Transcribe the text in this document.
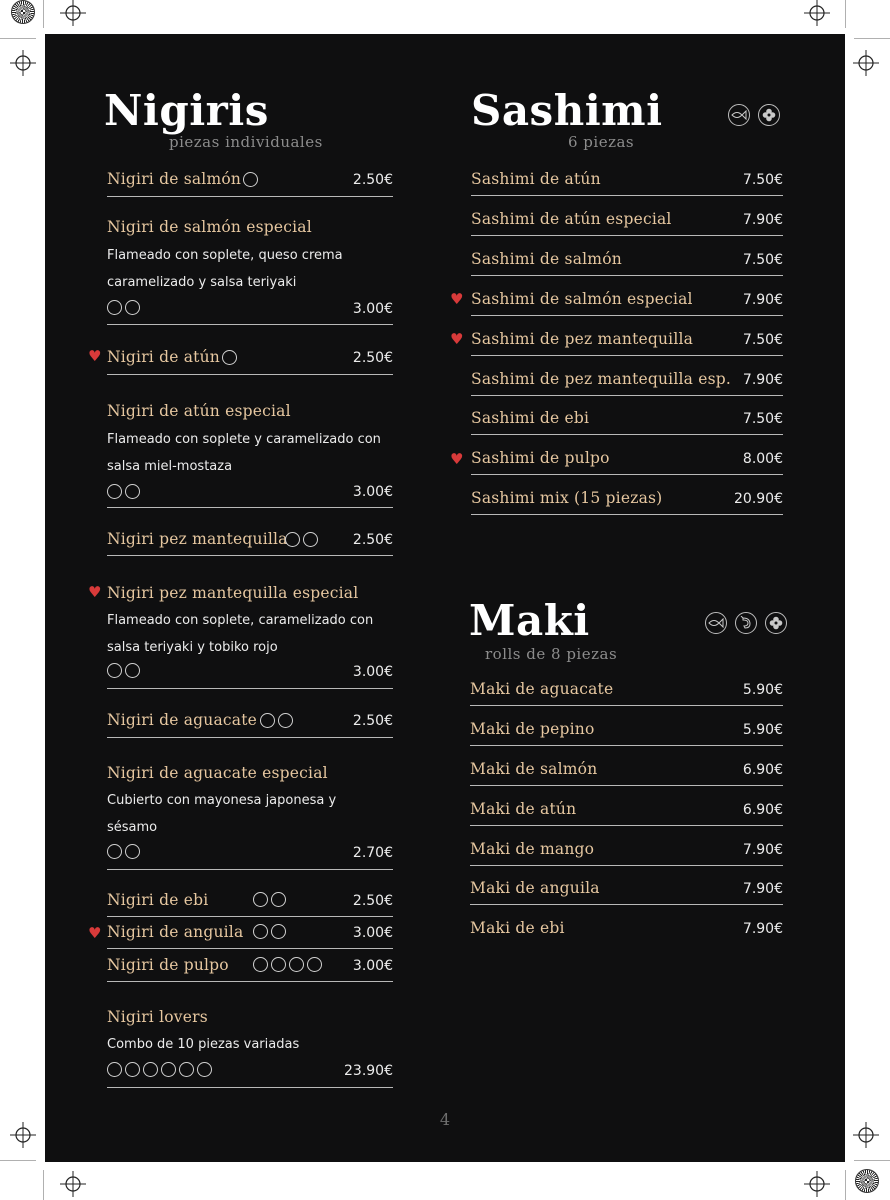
Nigiris
piezas individuales
Nigiri de salmón	2.50€
Nigiri de salmón especial
Flameado con soplete, queso crema
caramelizado y salsa teriyaki
3.00€
♥ Nigiri de atún	2.50€
Nigiri de atún especial
Flameado con soplete y caramelizado con
salsa miel-mostaza
3.00€
Nigiri pez mantequilla	2.50€
♥ Nigiri pez mantequilla especial
Flameado con soplete, caramelizado con
salsa teriyaki y tobiko rojo
3.00€
Nigiri de aguacate	2.50€
Nigiri de aguacate especial
Cubierto con mayonesa japonesa y
sésamo
2.70€
Nigiri de ebi	2.50€
♥ Nigiri de anguila	3.00€
Nigiri de pulpo	3.00€
Nigiri lovers
Combo de 10 piezas variadas
23.90€
Sashimi
6 piezas
Sashimi de atún	7.50€
Sashimi de atún especial	7.90€
Sashimi de salmón	7.50€
♥ Sashimi de salmón especial	7.90€
♥ Sashimi de pez mantequilla	7.50€
Sashimi de pez mantequilla esp. 7.90€
Sashimi de ebi	7.50€
♥ Sashimi de pulpo	8.00€
Sashimi mix (15 piezas)	20.90€
Maki
rolls de 8 piezas
Maki de aguacate	5.90€
Maki de pepino	5.90€
Maki de salmón	6.90€
Maki de atún	6.90€
Maki de mango	7.90€
Maki de anguila	7.90€
Maki de ebi	7.90€
4
